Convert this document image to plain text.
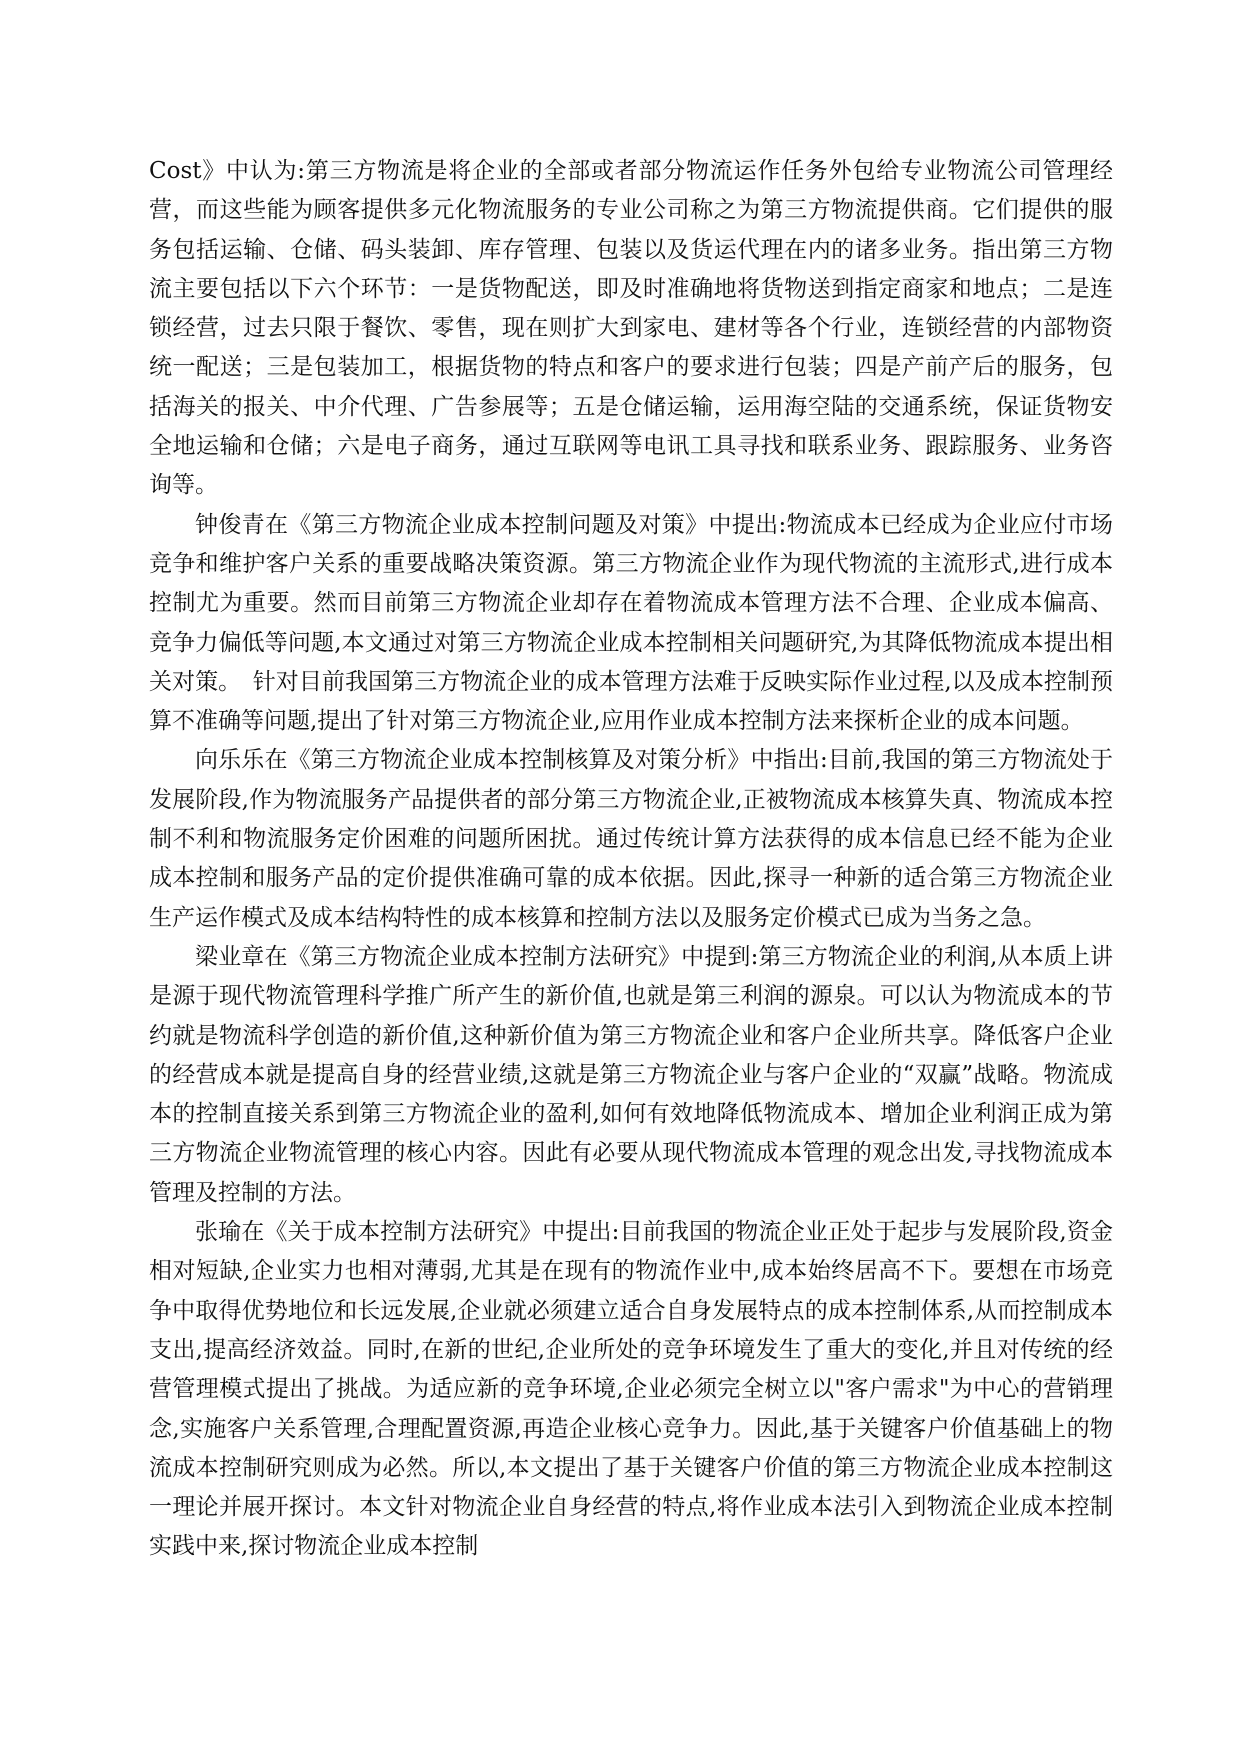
Cost》中认为:第三方物流是将企业的全部或者部分物流运作任务外包给专业物流公司管理经营，而这些能为顾客提供多元化物流服务的专业公司称之为第三方物流提供商。它们提供的服务包括运输、仓储、码头装卸、库存管理、包装以及货运代理在内的诸多业务。指出第三方物流主要包括以下六个环节：一是货物配送，即及时准确地将货物送到指定商家和地点；二是连锁经营，过去只限于餐饮、零售，现在则扩大到家电、建材等各个行业，连锁经营的内部物资统一配送；三是包装加工，根据货物的特点和客户的要求进行包装；四是产前产后的服务，包括海关的报关、中介代理、广告参展等；五是仓储运输，运用海空陆的交通系统，保证货物安全地运输和仓储；六是电子商务，通过互联网等电讯工具寻找和联系业务、跟踪服务、业务咨询等。

钟俊青在《第三方物流企业成本控制问题及对策》中提出:物流成本已经成为企业应付市场竞争和维护客户关系的重要战略决策资源。第三方物流企业作为现代物流的主流形式,进行成本控制尤为重要。然而目前第三方物流企业却存在着物流成本管理方法不合理、企业成本偏高、竞争力偏低等问题,本文通过对第三方物流企业成本控制相关问题研究,为其降低物流成本提出相关对策。　针对目前我国第三方物流企业的成本管理方法难于反映实际作业过程,以及成本控制预算不准确等问题,提出了针对第三方物流企业,应用作业成本控制方法来探析企业的成本问题。

向乐乐在《第三方物流企业成本控制核算及对策分析》中指出:目前,我国的第三方物流处于发展阶段,作为物流服务产品提供者的部分第三方物流企业,正被物流成本核算失真、物流成本控制不利和物流服务定价困难的问题所困扰。通过传统计算方法获得的成本信息已经不能为企业成本控制和服务产品的定价提供准确可靠的成本依据。因此,探寻一种新的适合第三方物流企业生产运作模式及成本结构特性的成本核算和控制方法以及服务定价模式已成为当务之急。

梁业章在《第三方物流企业成本控制方法研究》中提到:第三方物流企业的利润,从本质上讲是源于现代物流管理科学推广所产生的新价值,也就是第三利润的源泉。可以认为物流成本的节约就是物流科学创造的新价值,这种新价值为第三方物流企业和客户企业所共享。降低客户企业的经营成本就是提高自身的经营业绩,这就是第三方物流企业与客户企业的“双赢”战略。物流成本的控制直接关系到第三方物流企业的盈利,如何有效地降低物流成本、增加企业利润正成为第三方物流企业物流管理的核心内容。因此有必要从现代物流成本管理的观念出发,寻找物流成本管理及控制的方法。

张瑜在《关于成本控制方法研究》中提出:目前我国的物流企业正处于起步与发展阶段,资金相对短缺,企业实力也相对薄弱,尤其是在现有的物流作业中,成本始终居高不下。要想在市场竞争中取得优势地位和长远发展,企业就必须建立适合自身发展特点的成本控制体系,从而控制成本支出,提高经济效益。同时,在新的世纪,企业所处的竞争环境发生了重大的变化,并且对传统的经营管理模式提出了挑战。为适应新的竞争环境,企业必须完全树立以"客户需求"为中心的营销理念,实施客户关系管理,合理配置资源,再造企业核心竞争力。因此,基于关键客户价值基础上的物流成本控制研究则成为必然。所以,本文提出了基于关键客户价值的第三方物流企业成本控制这一理论并展开探讨。本文针对物流企业自身经营的特点,将作业成本法引入到物流企业成本控制实践中来,探讨物流企业成本控制
